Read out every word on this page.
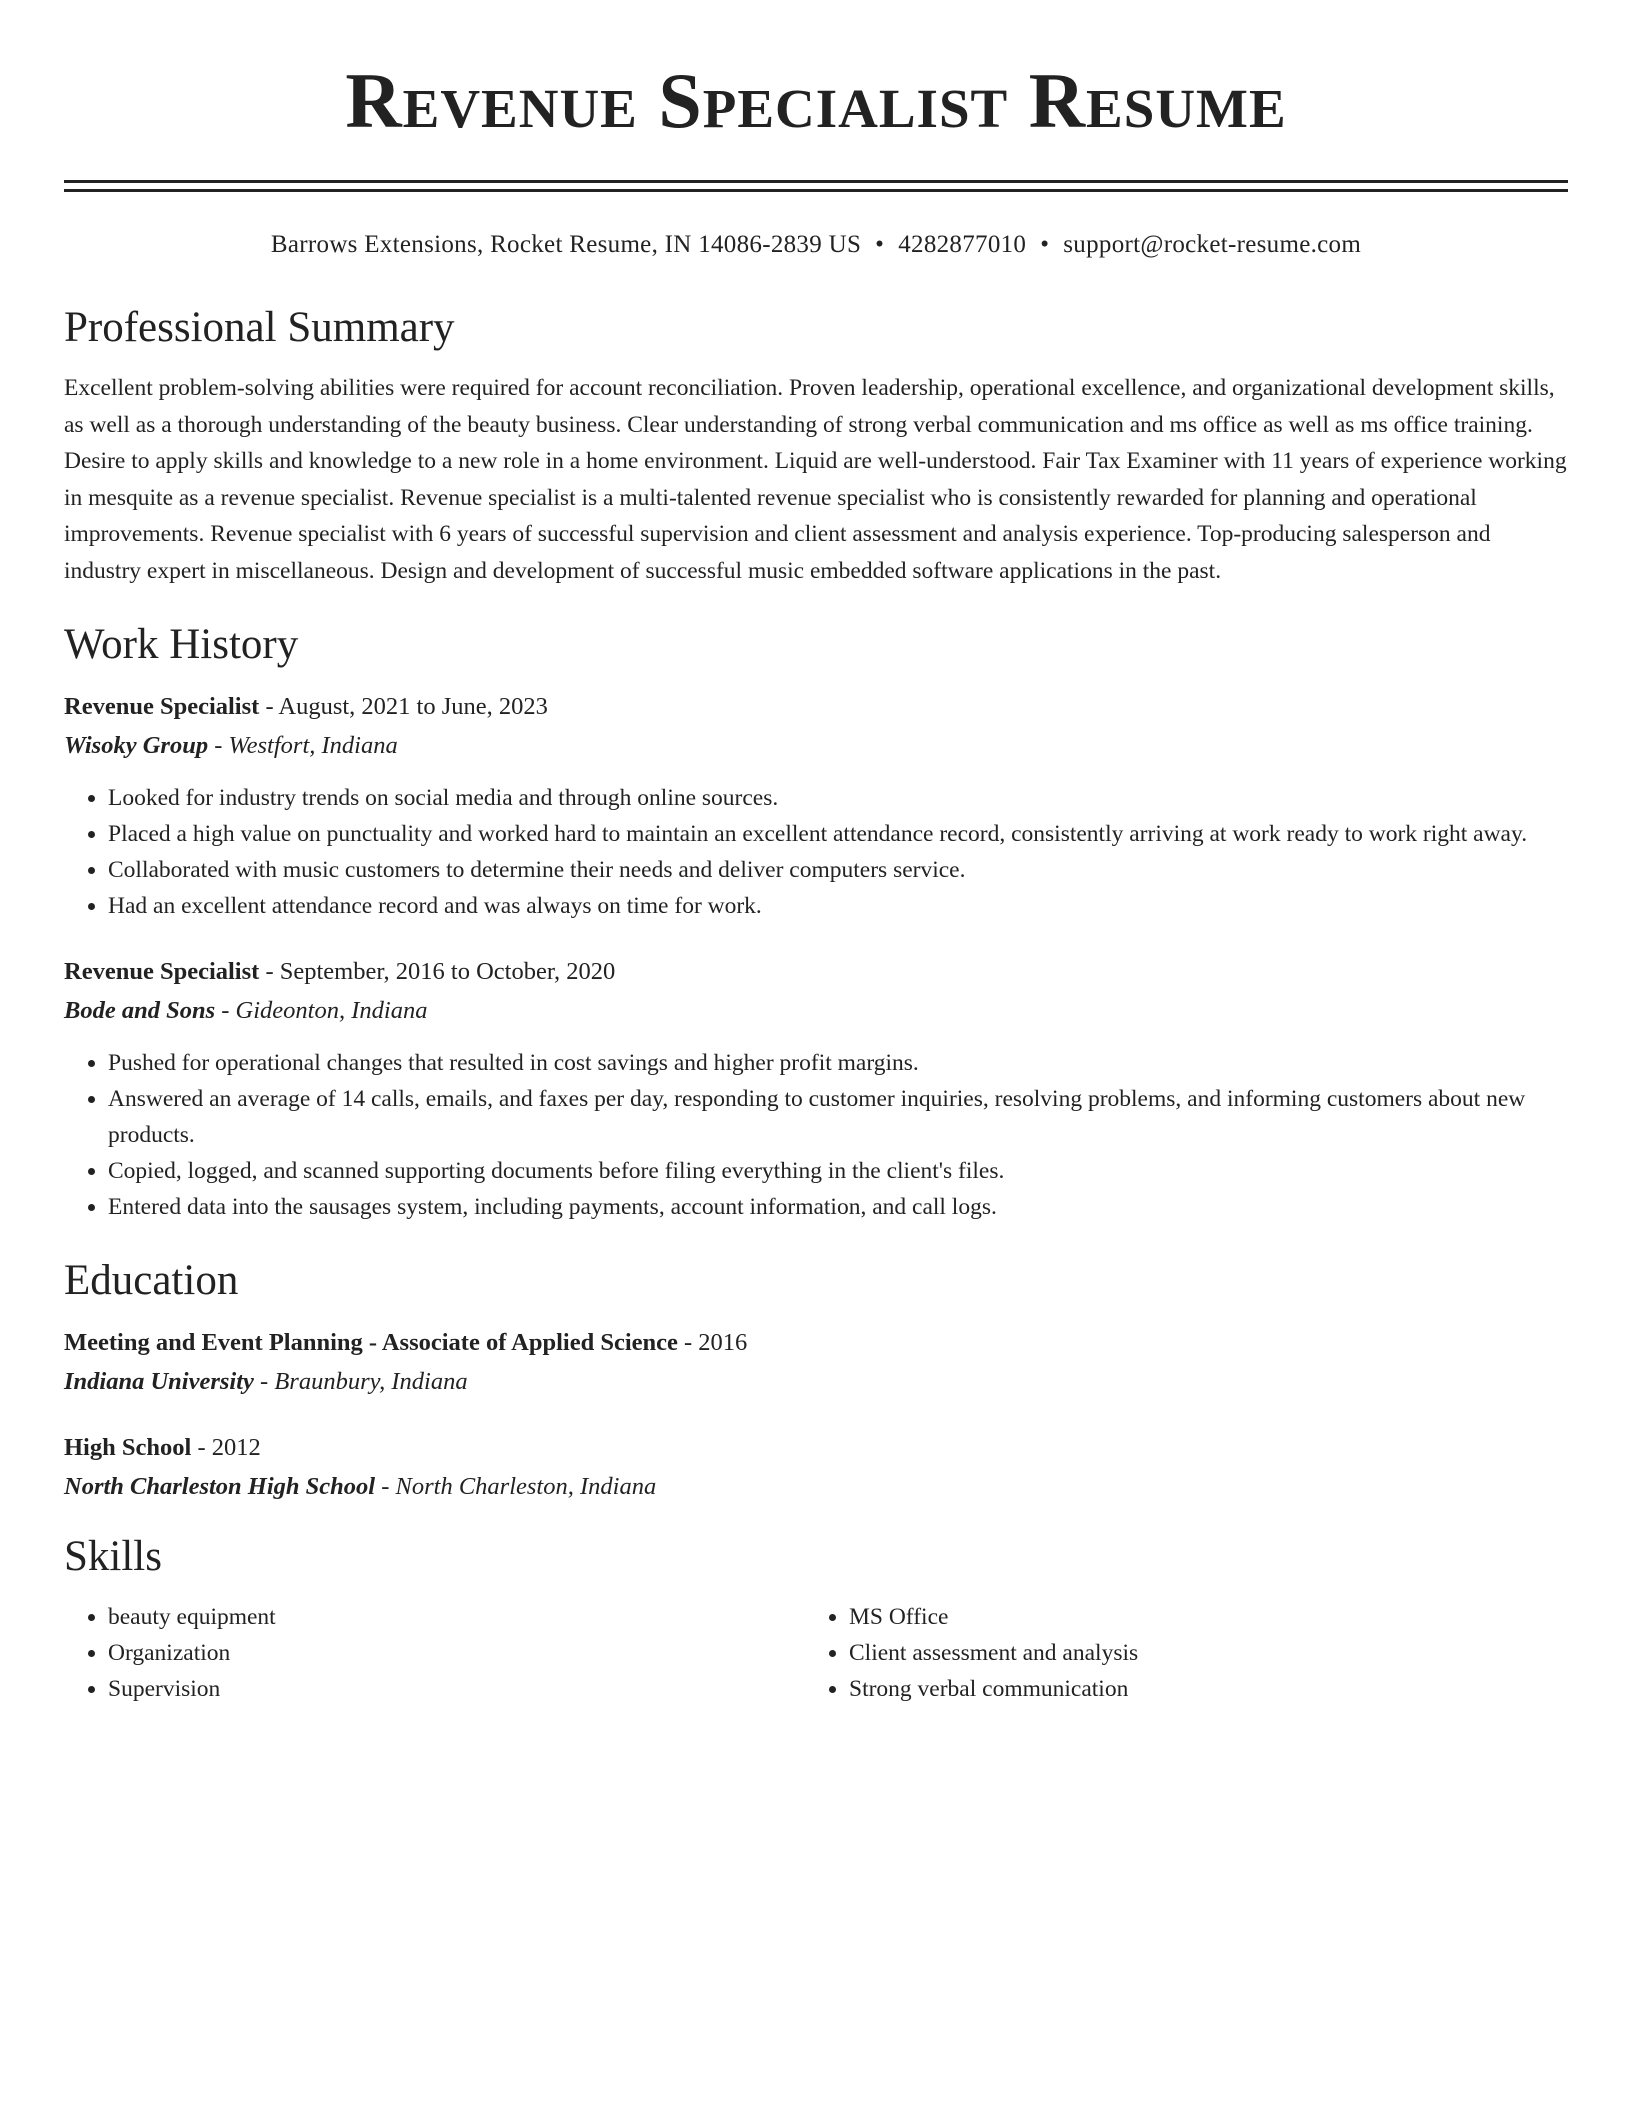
Revenue Specialist Resume
Barrows Extensions, Rocket Resume, IN 14086-2839 US • 4282877010 • support@rocket-resume.com
Professional Summary
Excellent problem-solving abilities were required for account reconciliation. Proven leadership, operational excellence, and organizational development skills, as well as a thorough understanding of the beauty business. Clear understanding of strong verbal communication and ms office as well as ms office training. Desire to apply skills and knowledge to a new role in a home environment. Liquid are well-understood. Fair Tax Examiner with 11 years of experience working in mesquite as a revenue specialist. Revenue specialist is a multi-talented revenue specialist who is consistently rewarded for planning and operational improvements. Revenue specialist with 6 years of successful supervision and client assessment and analysis experience. Top-producing salesperson and industry expert in miscellaneous. Design and development of successful music embedded software applications in the past.
Work History
Revenue Specialist - August, 2021 to June, 2023
Wisoky Group - Westfort, Indiana
• Looked for industry trends on social media and through online sources.
• Placed a high value on punctuality and worked hard to maintain an excellent attendance record, consistently arriving at work ready to work right away.
• Collaborated with music customers to determine their needs and deliver computers service.
• Had an excellent attendance record and was always on time for work.
Revenue Specialist - September, 2016 to October, 2020
Bode and Sons - Gideonton, Indiana
• Pushed for operational changes that resulted in cost savings and higher profit margins.
• Answered an average of 14 calls, emails, and faxes per day, responding to customer inquiries, resolving problems, and informing customers about new products.
• Copied, logged, and scanned supporting documents before filing everything in the client's files.
• Entered data into the sausages system, including payments, account information, and call logs.
Education
Meeting and Event Planning - Associate of Applied Science - 2016
Indiana University - Braunbury, Indiana
High School - 2012
North Charleston High School - North Charleston, Indiana
Skills
• beauty equipment
• Organization
• Supervision
• MS Office
• Client assessment and analysis
• Strong verbal communication
